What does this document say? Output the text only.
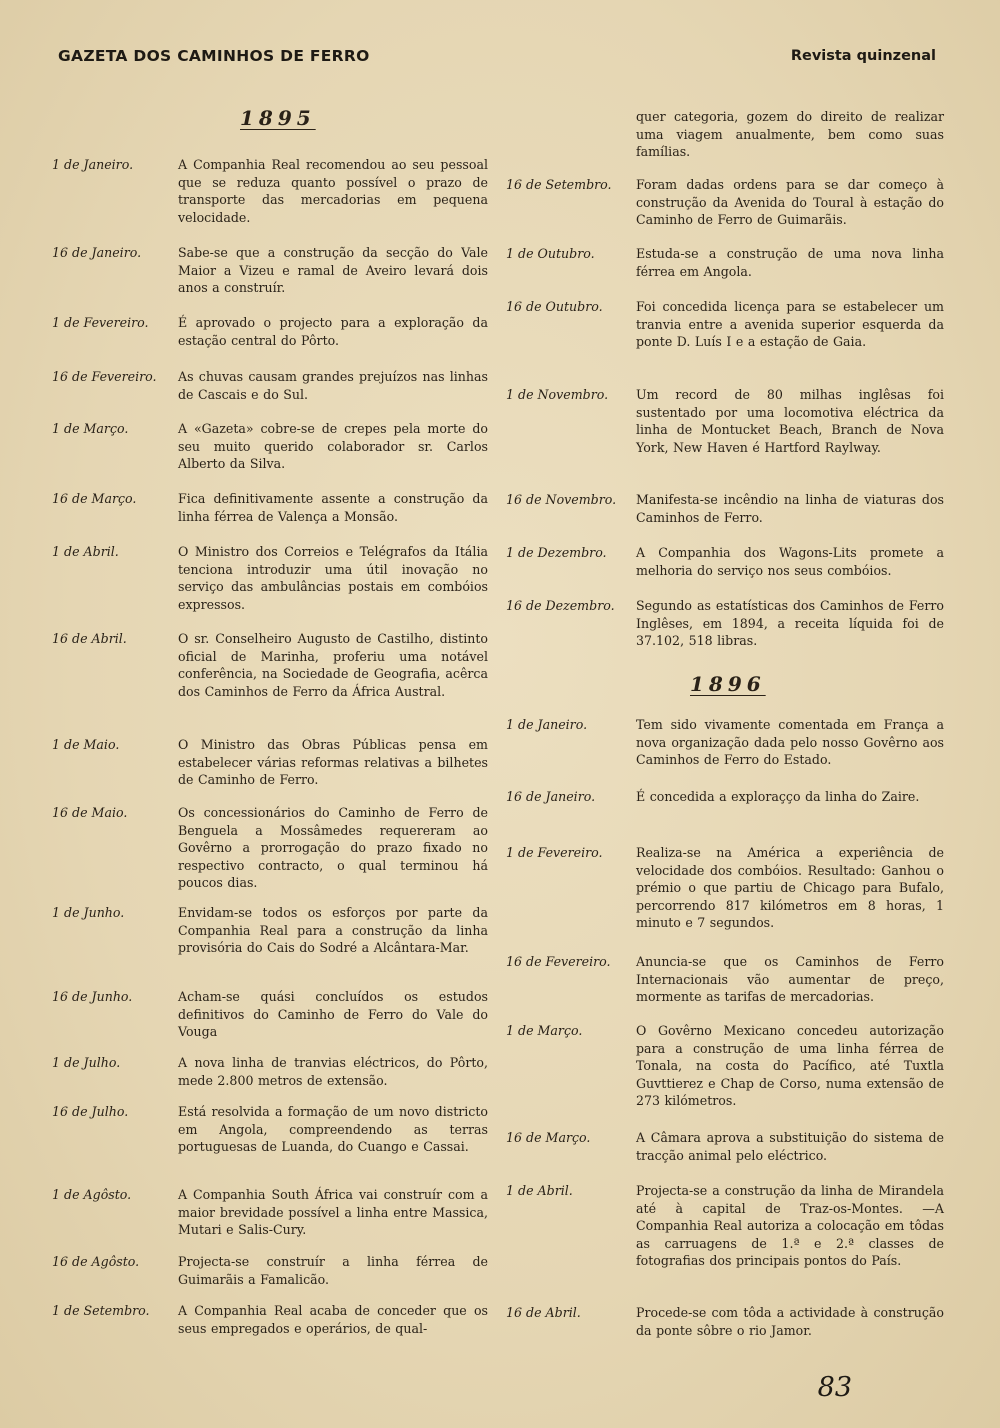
GAZETA DOS CAMINHOS DE FERRO	Revista quinzenal
1895
1 de Janeiro.	A Companhia Real recomendou ao seu pessoal que se reduza quanto possível o prazo de transporte das mercadorias em pequena velocidade.
16 de Janeiro.	Sabe-se que a construção da secção do Vale Maior a Vizeu e ramal de Aveiro levará dois anos a construír.
1 de Fevereiro.	É aprovado o projecto para a exploração da estação central do Pôrto.
16 de Fevereiro.	As chuvas causam grandes prejuízos nas linhas de Cascais e do Sul.
1 de Março.	A «Gazeta» cobre-se de crepes pela morte do seu muito querido colaborador sr. Carlos Alberto da Silva.
16 de Março.	Fica definitivamente assente a construção da linha férrea de Valença a Monsão.
1 de Abril.	O Ministro dos Correios e Telégrafos da Itália tenciona introduzir uma útil inovação no serviço das ambulâncias postais em combóios expressos.
16 de Abril.	O sr. Conselheiro Augusto de Castilho, distinto oficial de Marinha, proferiu uma notável conferência, na Sociedade de Geografia, acêrca dos Caminhos de Ferro da África Austral.
1 de Maio.	O Ministro das Obras Públicas pensa em estabelecer várias reformas relativas a bilhetes de Caminho de Ferro.
16 de Maio.	Os concessionários do Caminho de Ferro de Benguela a Mossâmedes requereram ao Govêrno a prorrogação do prazo fixado no respectivo contracto, o qual terminou há poucos dias.
1 de Junho.	Envidam-se todos os esforços por parte da Companhia Real para a construção da linha provisória do Cais do Sodré a Alcântara-Mar.
16 de Junho.	Acham-se quási concluídos os estudos definitivos do Caminho de Ferro do Vale do Vouga
1 de Julho.	A nova linha de tranvias eléctricos, do Pôrto, mede 2.800 metros de extensão.
16 de Julho.	Está resolvida a formação de um novo districto em Angola, compreendendo as terras portuguesas de Luanda, do Cuango e Cassai.
1 de Agôsto.	A Companhia South África vai construír com a maior brevidade possível a linha entre Massica, Mutari e Salis-Cury.
16 de Agôsto.	Projecta-se construír a linha férrea de Guimarãis a Famalicão.
1 de Setembro.	A Companhia Real acaba de conceder que os seus empregados e operários, de qual-
quer categoria, gozem do direito de realizar uma viagem anualmente, bem como suas famílias.
16 de Setembro.	Foram dadas ordens para se dar começo à construção da Avenida do Toural à estação do Caminho de Ferro de Guimarãis.
1 de Outubro.	Estuda-se a construção de uma nova linha férrea em Angola.
16 de Outubro.	Foi concedida licença para se estabelecer um tranvia entre a avenida superior esquerda da ponte D. Luís I e a estação de Gaia.
1 de Novembro.	Um record de 80 milhas inglêsas foi sustentado por uma locomotiva eléctrica da linha de Montucket Beach, Branch de Nova York, New Haven é Hartford Raylway.
16 de Novembro.	Manifesta-se incêndio na linha de viaturas dos Caminhos de Ferro.
1 de Dezembro.	A Companhia dos Wagons-Lits promete a melhoria do serviço nos seus combóios.
16 de Dezembro.	Segundo as estatísticas dos Caminhos de Ferro Inglêses, em 1894, a receita líquida foi de 37.102, 518 libras.
1896
1 de Janeiro.	Tem sido vivamente comentada em França a nova organização dada pelo nosso Govêrno aos Caminhos de Ferro do Estado.
16 de Janeiro.	É concedida a exploraçço da linha do Zaire.
1 de Fevereiro.	Realiza-se na América a experiência de velocidade dos combóios. Resultado: Ganhou o prémio o que partiu de Chicago para Bufalo, percorrendo 817 kilómetros em 8 horas, 1 minuto e 7 segundos.
16 de Fevereiro.	Anuncia-se que os Caminhos de Ferro Internacionais vão aumentar de preço, mormente as tarifas de mercadorias.
1 de Março.	O Govêrno Mexicano concedeu autorização para a construção de uma linha férrea de Tonala, na costa do Pacífico, até Tuxtla Guvttierez e Chap de Corso, numa extensão de 273 kilómetros.
16 de Março.	A Câmara aprova a substituição do sistema de tracção animal pelo eléctrico.
1 de Abril.	Projecta-se a construção da linha de Mirandela até à capital de Traz-os-Montes. —A Companhia Real autoriza a colocação em tôdas as carruagens de 1.ª e 2.ª classes de fotografias dos principais pontos do País.
16 de Abril.	Procede-se com tôda a actividade à construção da ponte sôbre o rio Jamor.
83
